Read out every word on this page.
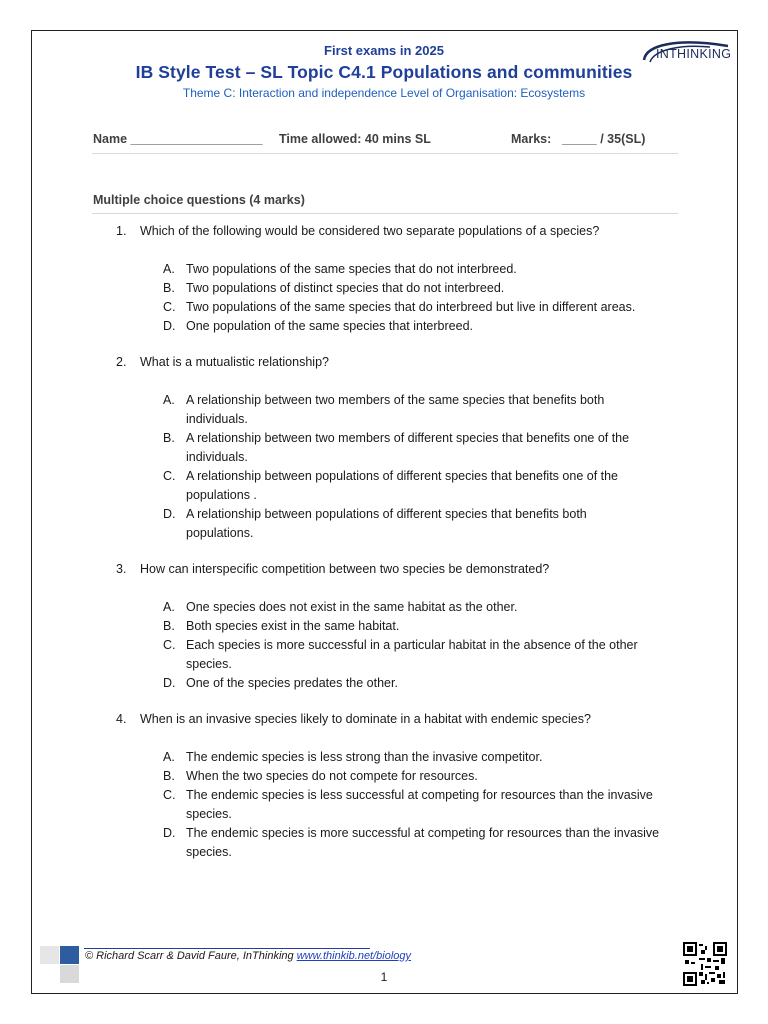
First exams in 2025
IB Style Test – SL Topic C4.1 Populations and communities
Theme C: Interaction and independence Level of Organisation: Ecosystems
INTHINKING
Name ___________________ Time allowed: 40 mins SL	Marks: _____ / 35(SL)
Multiple choice questions (4 marks)
1. Which of the following would be considered two separate populations of a species?
A. Two populations of the same species that do not interbreed.
B. Two populations of distinct species that do not interbreed.
C. Two populations of the same species that do interbreed but live in different areas.
D. One population of the same species that interbreed.
2. What is a mutualistic relationship?
A. A relationship between two members of the same species that benefits both
individuals.
B. A relationship between two members of different species that benefits one of the
individuals.
C. A relationship between populations of different species that benefits one of the
populations .
D. A relationship between populations of different species that benefits both
populations.
3. How can interspecific competition between two species be demonstrated?
A. One species does not exist in the same habitat as the other.
B. Both species exist in the same habitat.
C. Each species is more successful in a particular habitat in the absence of the other
species.
D. One of the species predates the other.
4. When is an invasive species likely to dominate in a habitat with endemic species?
A. The endemic species is less strong than the invasive competitor.
B. When the two species do not compete for resources.
C. The endemic species is less successful at competing for resources than the invasive
species.
D. The endemic species is more successful at competing for resources than the invasive
species.
© Richard Scarr & David Faure, InThinking www.thinkib.net/biology
1
